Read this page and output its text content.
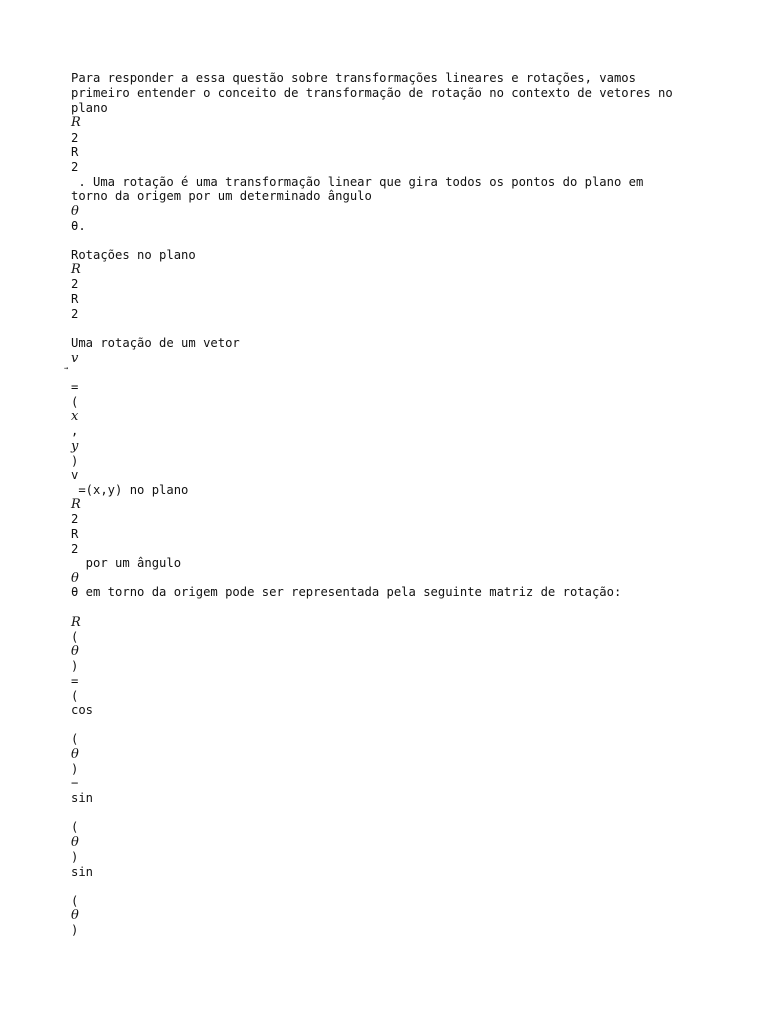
Para responder a essa questão sobre transformações lineares e rotações, vamos

primeiro entender o conceito de transformação de rotação no contexto de vetores no

plano

R

2

R

2

. Uma rotação é uma transformação linear que gira todos os pontos do plano em

torno da origem por um determinado ângulo

θ

θ.

Rotações no plano

R

2

R

2

Uma rotação de um vetor

v

→

=

(

x

,

y

)

v

=(x,y) no plano

R

2

R

2

por um ângulo

θ

θ em torno da origem pode ser representada pela seguinte matriz de rotação:

R

(

θ

)

=

(

cos

(

θ

)

−

sin

(

θ

)

sin

(

θ

)
